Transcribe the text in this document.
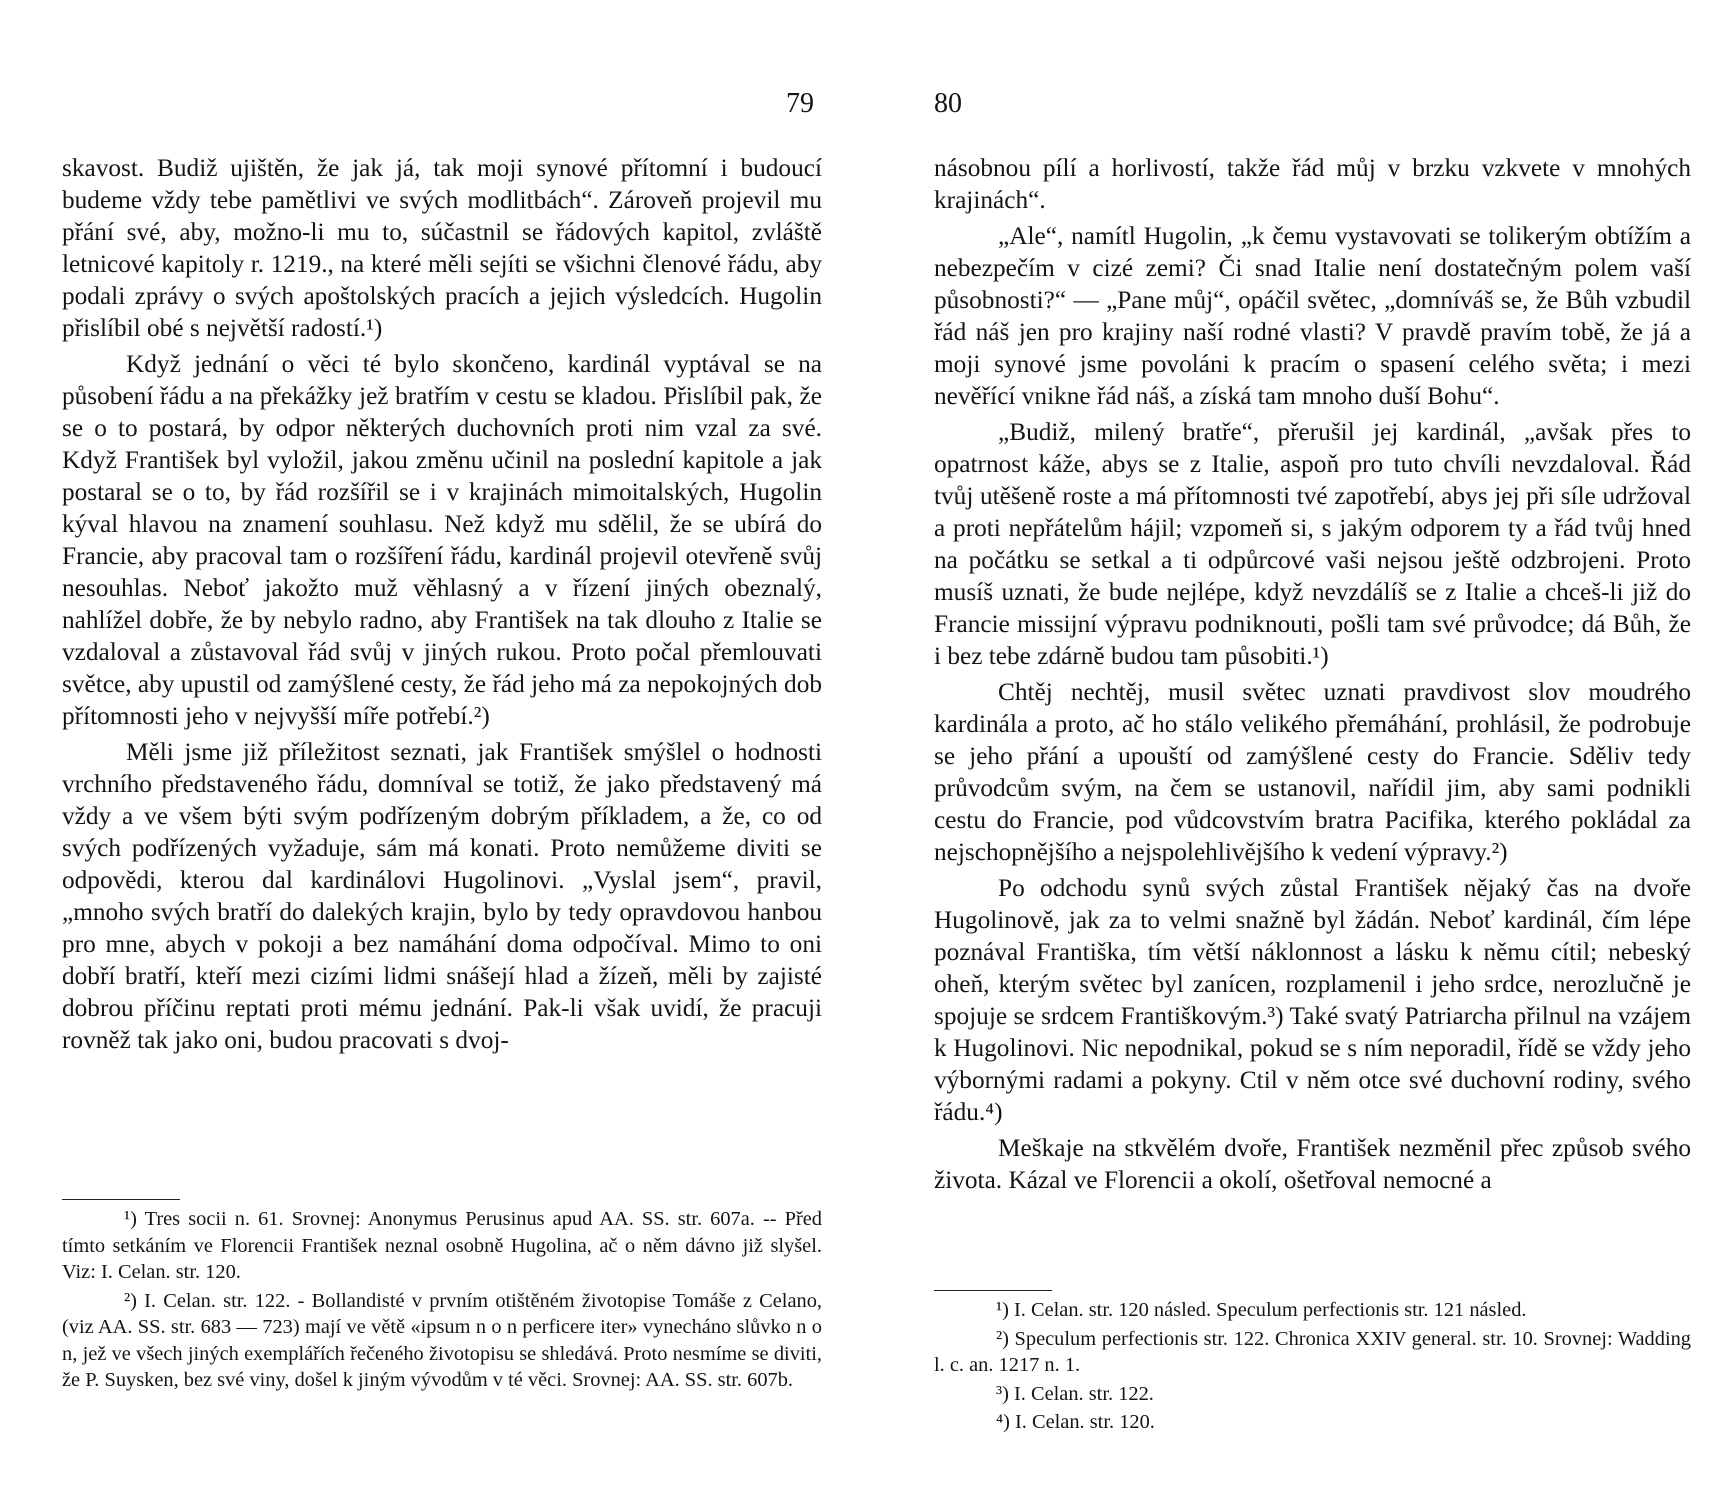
79

skavost. Budiž ujištěn, že jak já, tak moji synové přítomní i budoucí budeme vždy tebe pamětlivi ve svých modlitbách“. Zároveň projevil mu přání své, aby, možno-li mu to, súčastnil se řádových kapitol, zvláště letnicové kapitoly r. 1219., na které měli sejíti se všichni členové řádu, aby podali zprávy o svých apoštolských pracích a jejich výsledcích. Hugolin přislíbil obé s největší radostí.¹)

Když jednání o věci té bylo skončeno, kardinál vyptával se na působení řádu a na překážky jež bratřím v cestu se kladou. Přislíbil pak, že se o to postará, by odpor některých duchovních proti nim vzal za své. Když František byl vyložil, jakou změnu učinil na poslední kapitole a jak postaral se o to, by řád rozšířil se i v krajinách mimoitalských, Hugolin kýval hlavou na znamení souhlasu. Než když mu sdělil, že se ubírá do Francie, aby pracoval tam o rozšíření řádu, kardinál projevil otevřeně svůj nesouhlas. Neboť jakožto muž věhlasný a v řízení jiných obeznalý, nahlížel dobře, že by nebylo radno, aby František na tak dlouho z Italie se vzdaloval a zůstavoval řád svůj v jiných rukou. Proto počal přemlouvati světce, aby upustil od zamýšlené cesty, že řád jeho má za nepokojných dob přítomnosti jeho v nejvyšší míře potřebí.²)

Měli jsme již příležitost seznati, jak František smýšlel o hodnosti vrchního představeného řádu, domníval se totiž, že jako představený má vždy a ve všem býti svým podřízeným dobrým příkladem, a že, co od svých podřízených vyžaduje, sám má konati. Proto nemůžeme diviti se odpovědi, kterou dal kardinálovi Hugolinovi. „Vyslal jsem“, pravil, „mnoho svých bratří do dalekých krajin, bylo by tedy opravdovou hanbou pro mne, abych v pokoji a bez namáhání doma odpočíval. Mimo to oni dobří bratří, kteří mezi cizími lidmi snášejí hlad a žízeň, měli by zajisté dobrou příčinu reptati proti mému jednání. Pak-li však uvidí, že pracuji rovněž tak jako oni, budou pracovati s dvoj-

¹) Tres socii n. 61. Srovnej: Anonymus Perusinus apud AA. SS. str. 607a. -- Před tímto setkáním ve Florencii František neznal osobně Hugolina, ač o něm dávno již slyšel. Viz: I. Celan. str. 120.

²) I. Celan. str. 122. - Bollandisté v prvním otištěném životopise Tomáše z Celano, (viz AA. SS. str. 683 — 723) mají ve větě «ipsum n o n perficere iter» vynecháno slůvko n o n, jež ve všech jiných exemplářích řečeného životopisu se shledává. Proto nesmíme se diviti, že P. Suysken, bez své viny, došel k jiným vývodům v té věci. Srovnej: AA. SS. str. 607b.

80

násobnou pílí a horlivostí, takže řád můj v brzku vzkvete v mnohých krajinách“.

„Ale“, namítl Hugolin, „k čemu vystavovati se tolikerým obtížím a nebezpečím v cizé zemi? Či snad Italie není dostatečným polem vaší působnosti?“ — „Pane můj“, opáčil světec, „domníváš se, že Bůh vzbudil řád náš jen pro krajiny naší rodné vlasti? V pravdě pravím tobě, že já a moji synové jsme povoláni k pracím o spasení celého světa; i mezi nevěřící vnikne řád náš, a získá tam mnoho duší Bohu“.

„Budiž, milený bratře“, přerušil jej kardinál, „avšak přes to opatrnost káže, abys se z Italie, aspoň pro tuto chvíli nevzdaloval. Řád tvůj utěšeně roste a má přítomnosti tvé zapotřebí, abys jej při síle udržoval a proti nepřátelům hájil; vzpomeň si, s jakým odporem ty a řád tvůj hned na počátku se setkal a ti odpůrcové vaši nejsou ještě odzbrojeni. Proto musíš uznati, že bude nejlépe, když nevzdálíš se z Italie a chceš-li již do Francie missijní výpravu podniknouti, pošli tam své průvodce; dá Bůh, že i bez tebe zdárně budou tam působiti.¹)

Chtěj nechtěj, musil světec uznati pravdivost slov moudrého kardinála a proto, ač ho stálo velikého přemáhání, prohlásil, že podrobuje se jeho přání a upouští od zamýšlené cesty do Francie. Sděliv tedy průvodcům svým, na čem se ustanovil, nařídil jim, aby sami podnikli cestu do Francie, pod vůdcovstvím bratra Pacifika, kterého pokládal za nejschopnějšího a nejspolehlivějšího k vedení výpravy.²)

Po odchodu synů svých zůstal František nějaký čas na dvoře Hugolinově, jak za to velmi snažně byl žádán. Neboť kardinál, čím lépe poznával Františka, tím větší náklonnost a lásku k němu cítil; nebeský oheň, kterým světec byl zanícen, rozplamenil i jeho srdce, nerozlučně je spojuje se srdcem Františkovým.³) Také svatý Patriarcha přilnul na vzájem k Hugolinovi. Nic nepodnikal, pokud se s ním neporadil, řídě se vždy jeho výbornými radami a pokyny. Ctil v něm otce své duchovní rodiny, svého řádu.⁴)

Meškaje na stkvělém dvoře, František nezměnil přec způsob svého života. Kázal ve Florencii a okolí, ošetřoval nemocné a

¹) I. Celan. str. 120 násled. Speculum perfectionis str. 121 násled.

²) Speculum perfectionis str. 122. Chronica XXIV general. str. 10. Srovnej: Wadding l. c. an. 1217 n. 1.

³) I. Celan. str. 122.

⁴) I. Celan. str. 120.
